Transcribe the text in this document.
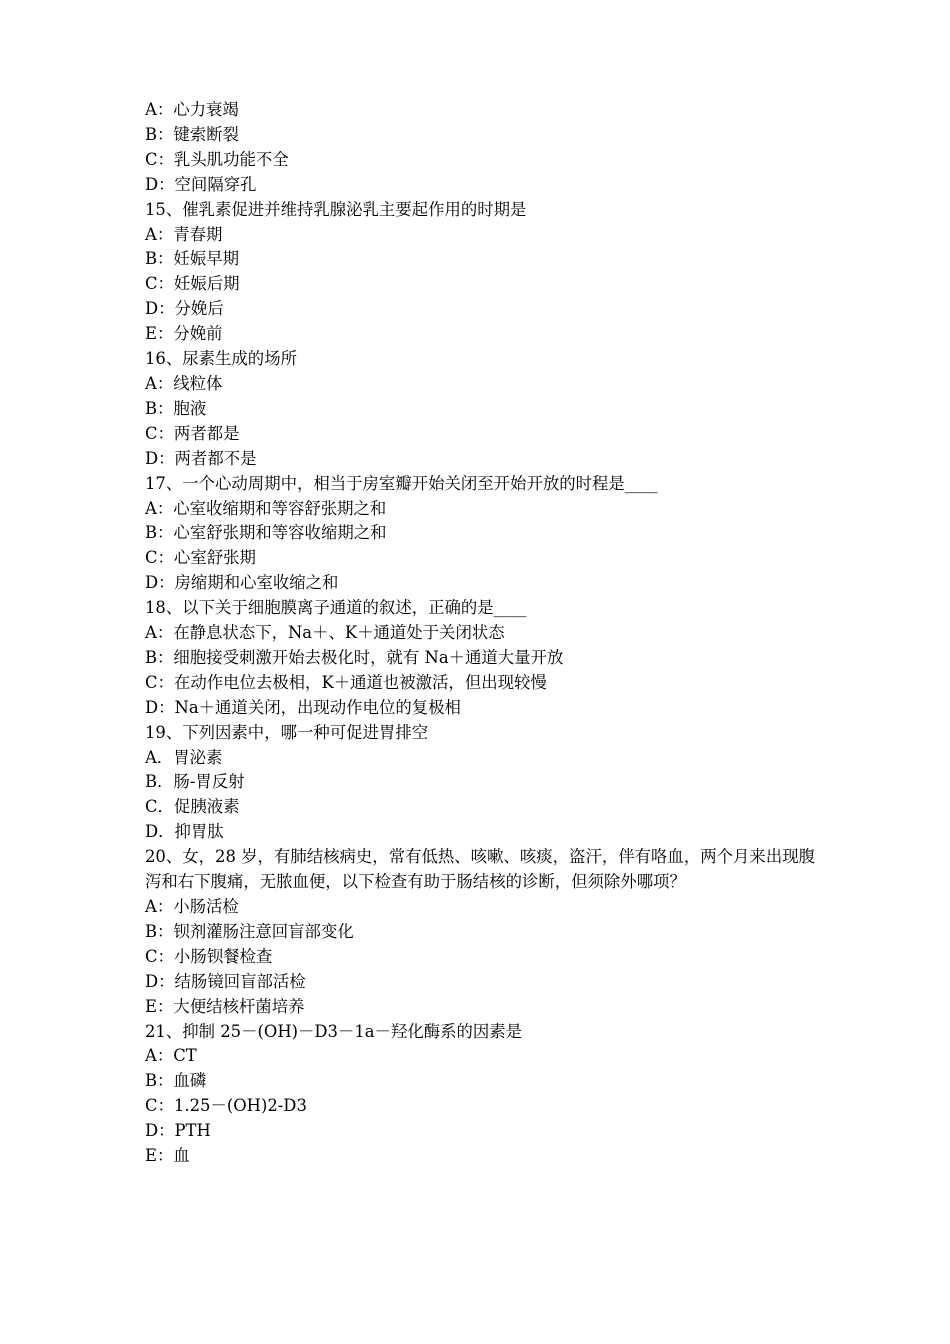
A：心力衰竭
B：键索断裂
C：乳头肌功能不全
D：空间隔穿孔
15、催乳素促进并维持乳腺泌乳主要起作用的时期是
A：青春期
B：妊娠早期
C：妊娠后期
D：分娩后
E：分娩前
16、尿素生成的场所
A：线粒体
B：胞液
C：两者都是
D：两者都不是
17、一个心动周期中，相当于房室瓣开始关闭至开始开放的时程是____
A：心室收缩期和等容舒张期之和
B：心室舒张期和等容收缩期之和
C：心室舒张期
D：房缩期和心室收缩之和
18、以下关于细胞膜离子通道的叙述，正确的是____
A：在静息状态下，Na＋、K＋通道处于关闭状态
B：细胞接受刺激开始去极化时，就有 Na＋通道大量开放
C：在动作电位去极相，K＋通道也被激活，但出现较慢
D：Na＋通道关闭，出现动作电位的复极相
19、下列因素中，哪一种可促进胃排空
A．胃泌素
B．肠-胃反射
C．促胰液素
D．抑胃肽
20、女，28 岁，有肺结核病史，常有低热、咳嗽、咳痰，盗汗，伴有咯血，两个月来出现腹泻和右下腹痛，无脓血便，以下检查有助于肠结核的诊断，但须除外哪项？
A：小肠活检
B：钡剂灌肠注意回盲部变化
C：小肠钡餐检查
D：结肠镜回盲部活检
E：大便结核杆菌培养
21、抑制 25－(OH)－D3－1a－羟化酶系的因素是
A：CT
B：血磷
C：1.25－(OH)2-D3
D：PTH
E：血
